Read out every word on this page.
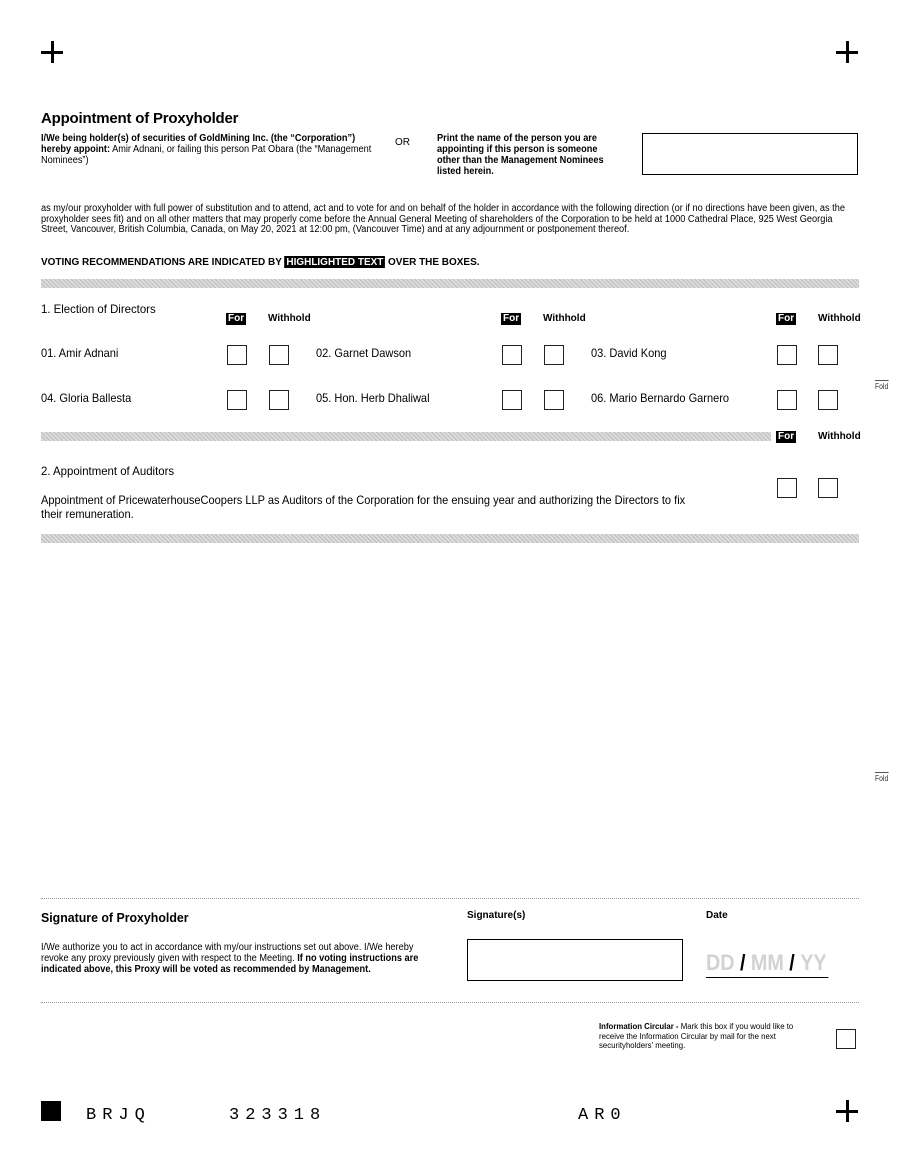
Appointment of Proxyholder
I/We being holder(s) of securities of GoldMining Inc. (the “Corporation”) hereby appoint: Amir Adnani, or failing this person Pat Obara (the “Management Nominees”)
OR	Print the name of the person you are appointing if this person is someone other than the Management Nominees listed herein.
as my/our proxyholder with full power of substitution and to attend, act and to vote for and on behalf of the holder in accordance with the following direction (or if no directions have been given, as the proxyholder sees fit) and on all other matters that may properly come before the Annual General Meeting of shareholders of the Corporation to be held at 1000 Cathedral Place, 925 West Georgia Street, Vancouver, British Columbia, Canada, on May 20, 2021 at 12:00 pm, (Vancouver Time) and at any adjournment or postponement thereof.
VOTING RECOMMENDATIONS ARE INDICATED BY HIGHLIGHTED TEXT OVER THE BOXES.
1. Election of Directors
For Withhold	For Withhold	For Withhold
01. Amir Adnani	02. Garnet Dawson	03. David Kong
04. Gloria Ballesta	05. Hon. Herb Dhaliwal	06. Mario Bernardo Garnero
Fold
For Withhold
2. Appointment of Auditors
Appointment of PricewaterhouseCoopers LLP as Auditors of the Corporation for the ensuing year and authorizing the Directors to fix their remuneration.
Fold
Signature of Proxyholder
I/We authorize you to act in accordance with my/our instructions set out above. I/We hereby revoke any proxy previously given with respect to the Meeting. If no voting instructions are indicated above, this Proxy will be voted as recommended by Management.
Signature(s)	Date
DD / MM / YY
Information Circular - Mark this box if you would like to receive the Information Circular by mail for the next securityholders' meeting.
BRJQ	323318	AR0
